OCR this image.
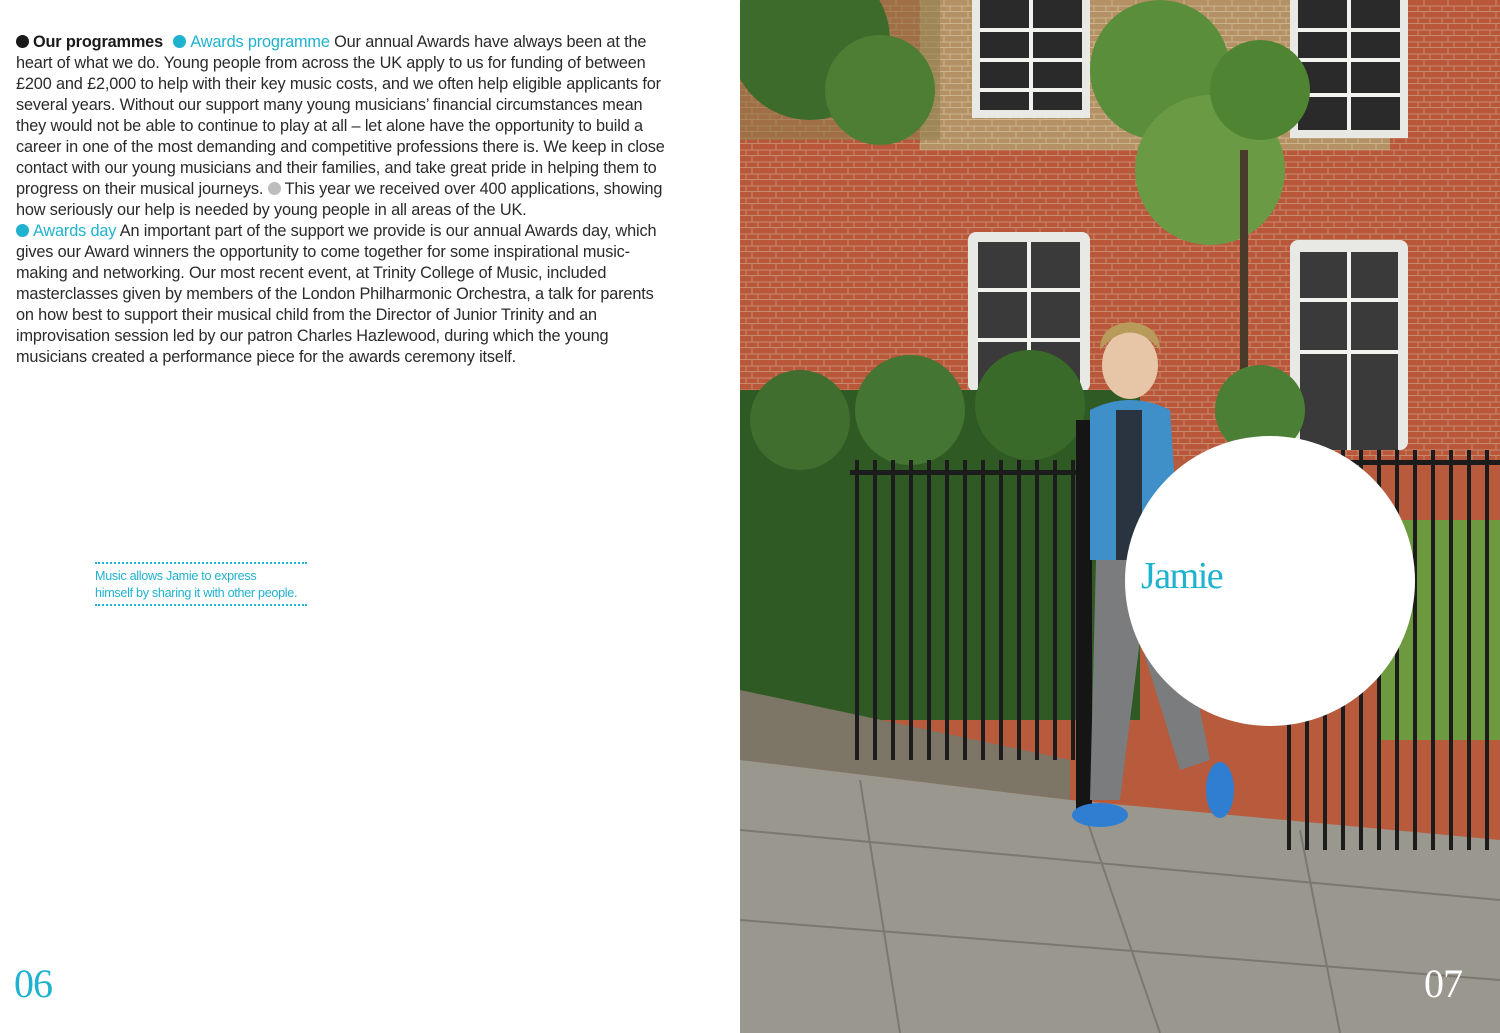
Our programmes Awards programme Our annual Awards have always been at the heart of what we do. Young people from across the UK apply to us for funding of between £200 and £2,000 to help with their key music costs, and we often help eligible applicants for several years. Without our support many young musicians’ financial circumstances mean they would not be able to continue to play at all – let alone have the opportunity to build a career in one of the most demanding and competitive professions there is. We keep in close contact with our young musicians and their families, and take great pride in helping them to progress on their musical journeys. This year we received over 400 applications, showing how seriously our help is needed by young people in all areas of the UK.

Awards day An important part of the support we provide is our annual Awards day, which gives our Award winners the opportunity to come together for some inspirational music-making and networking. Our most recent event, at Trinity College of Music, included masterclasses given by members of the London Philharmonic Orchestra, a talk for parents on how best to support their musical child from the Director of Junior Trinity and an improvisation session led by our patron Charles Hazlewood, during which the young musicians created a performance piece for the awards ceremony itself.

Music allows Jamie to express
himself by sharing it with other people.
06
Jamie
07
